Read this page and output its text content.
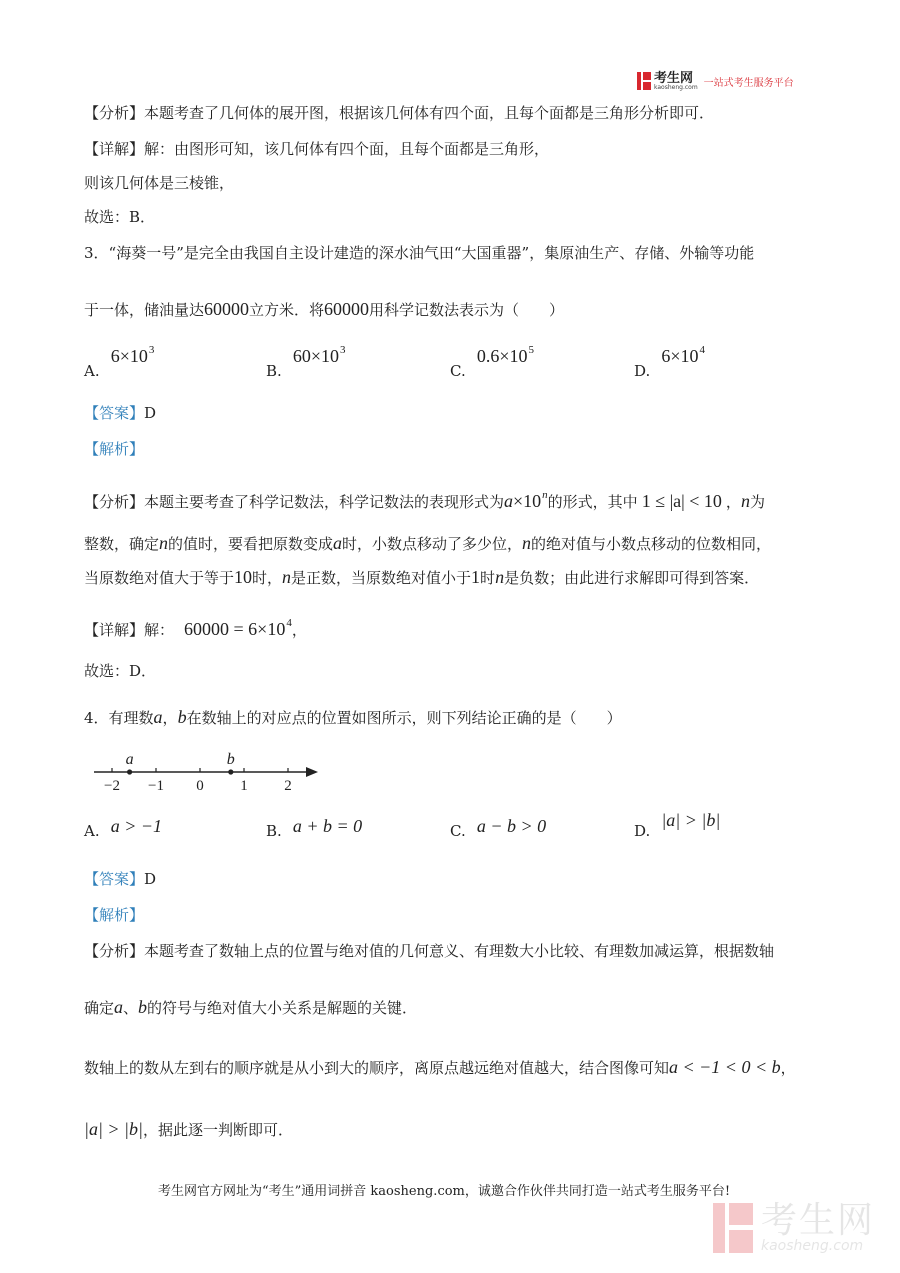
考生网
kaosheng.com 一站式考生服务平台
【分析】本题考查了几何体的展开图，根据该几何体有四个面，且每个面都是三角形分析即可．
【详解】解：由图形可知，该几何体有四个面，且每个面都是三角形，
则该几何体是三棱锥，
故选：B．
3．“海葵一号”是完全由我国自主设计建造的深水油气田“大国重器”，集原油生产、存储、外输等功能
于一体，储油量达60000立方米．将60000用科学记数法表示为（　　）
A. $6\times 10^3$
B. $60\times 10^3$
C. $0.6\times 10^5$
D. $6\times 10^4$
【答案】D
【解析】
【分析】本题主要考查了科学记数法，科学记数法的表现形式为$a\times 10^n$的形式，其中 1 ≤ |a| < 10 ，n为
整数，确定n的值时，要看把原数变成a时，小数点移动了多少位，n的绝对值与小数点移动的位数相同，
当原数绝对值大于等于10时，n是正数，当原数绝对值小于1时n是负数；由此进行求解即可得到答案．
【详解】解： $60000 = 6\times 10^4$，
故选：D．
4．有理数a，b在数轴上的对应点的位置如图所示，则下列结论正确的是（　　）
−2 −1 0 1 2
a	b
A. a > −1	B. a + b = 0	C. a − b > 0	D. |a| > |b|
【答案】D
【解析】
【分析】本题考查了数轴上点的位置与绝对值的几何意义、有理数大小比较、有理数加减运算，根据数轴
确定a、b的符号与绝对值大小关系是解题的关键．
数轴上的数从左到右的顺序就是从小到大的顺序，离原点越远绝对值越大，结合图像可知a < −1 < 0 < b，
|a| > |b|，据此逐一判断即可．
考生网官方网址为“考生”通用词拼音 kaosheng.com，诚邀合作伙伴共同打造一站式考生服务平台!
考生网
kaosheng.com
